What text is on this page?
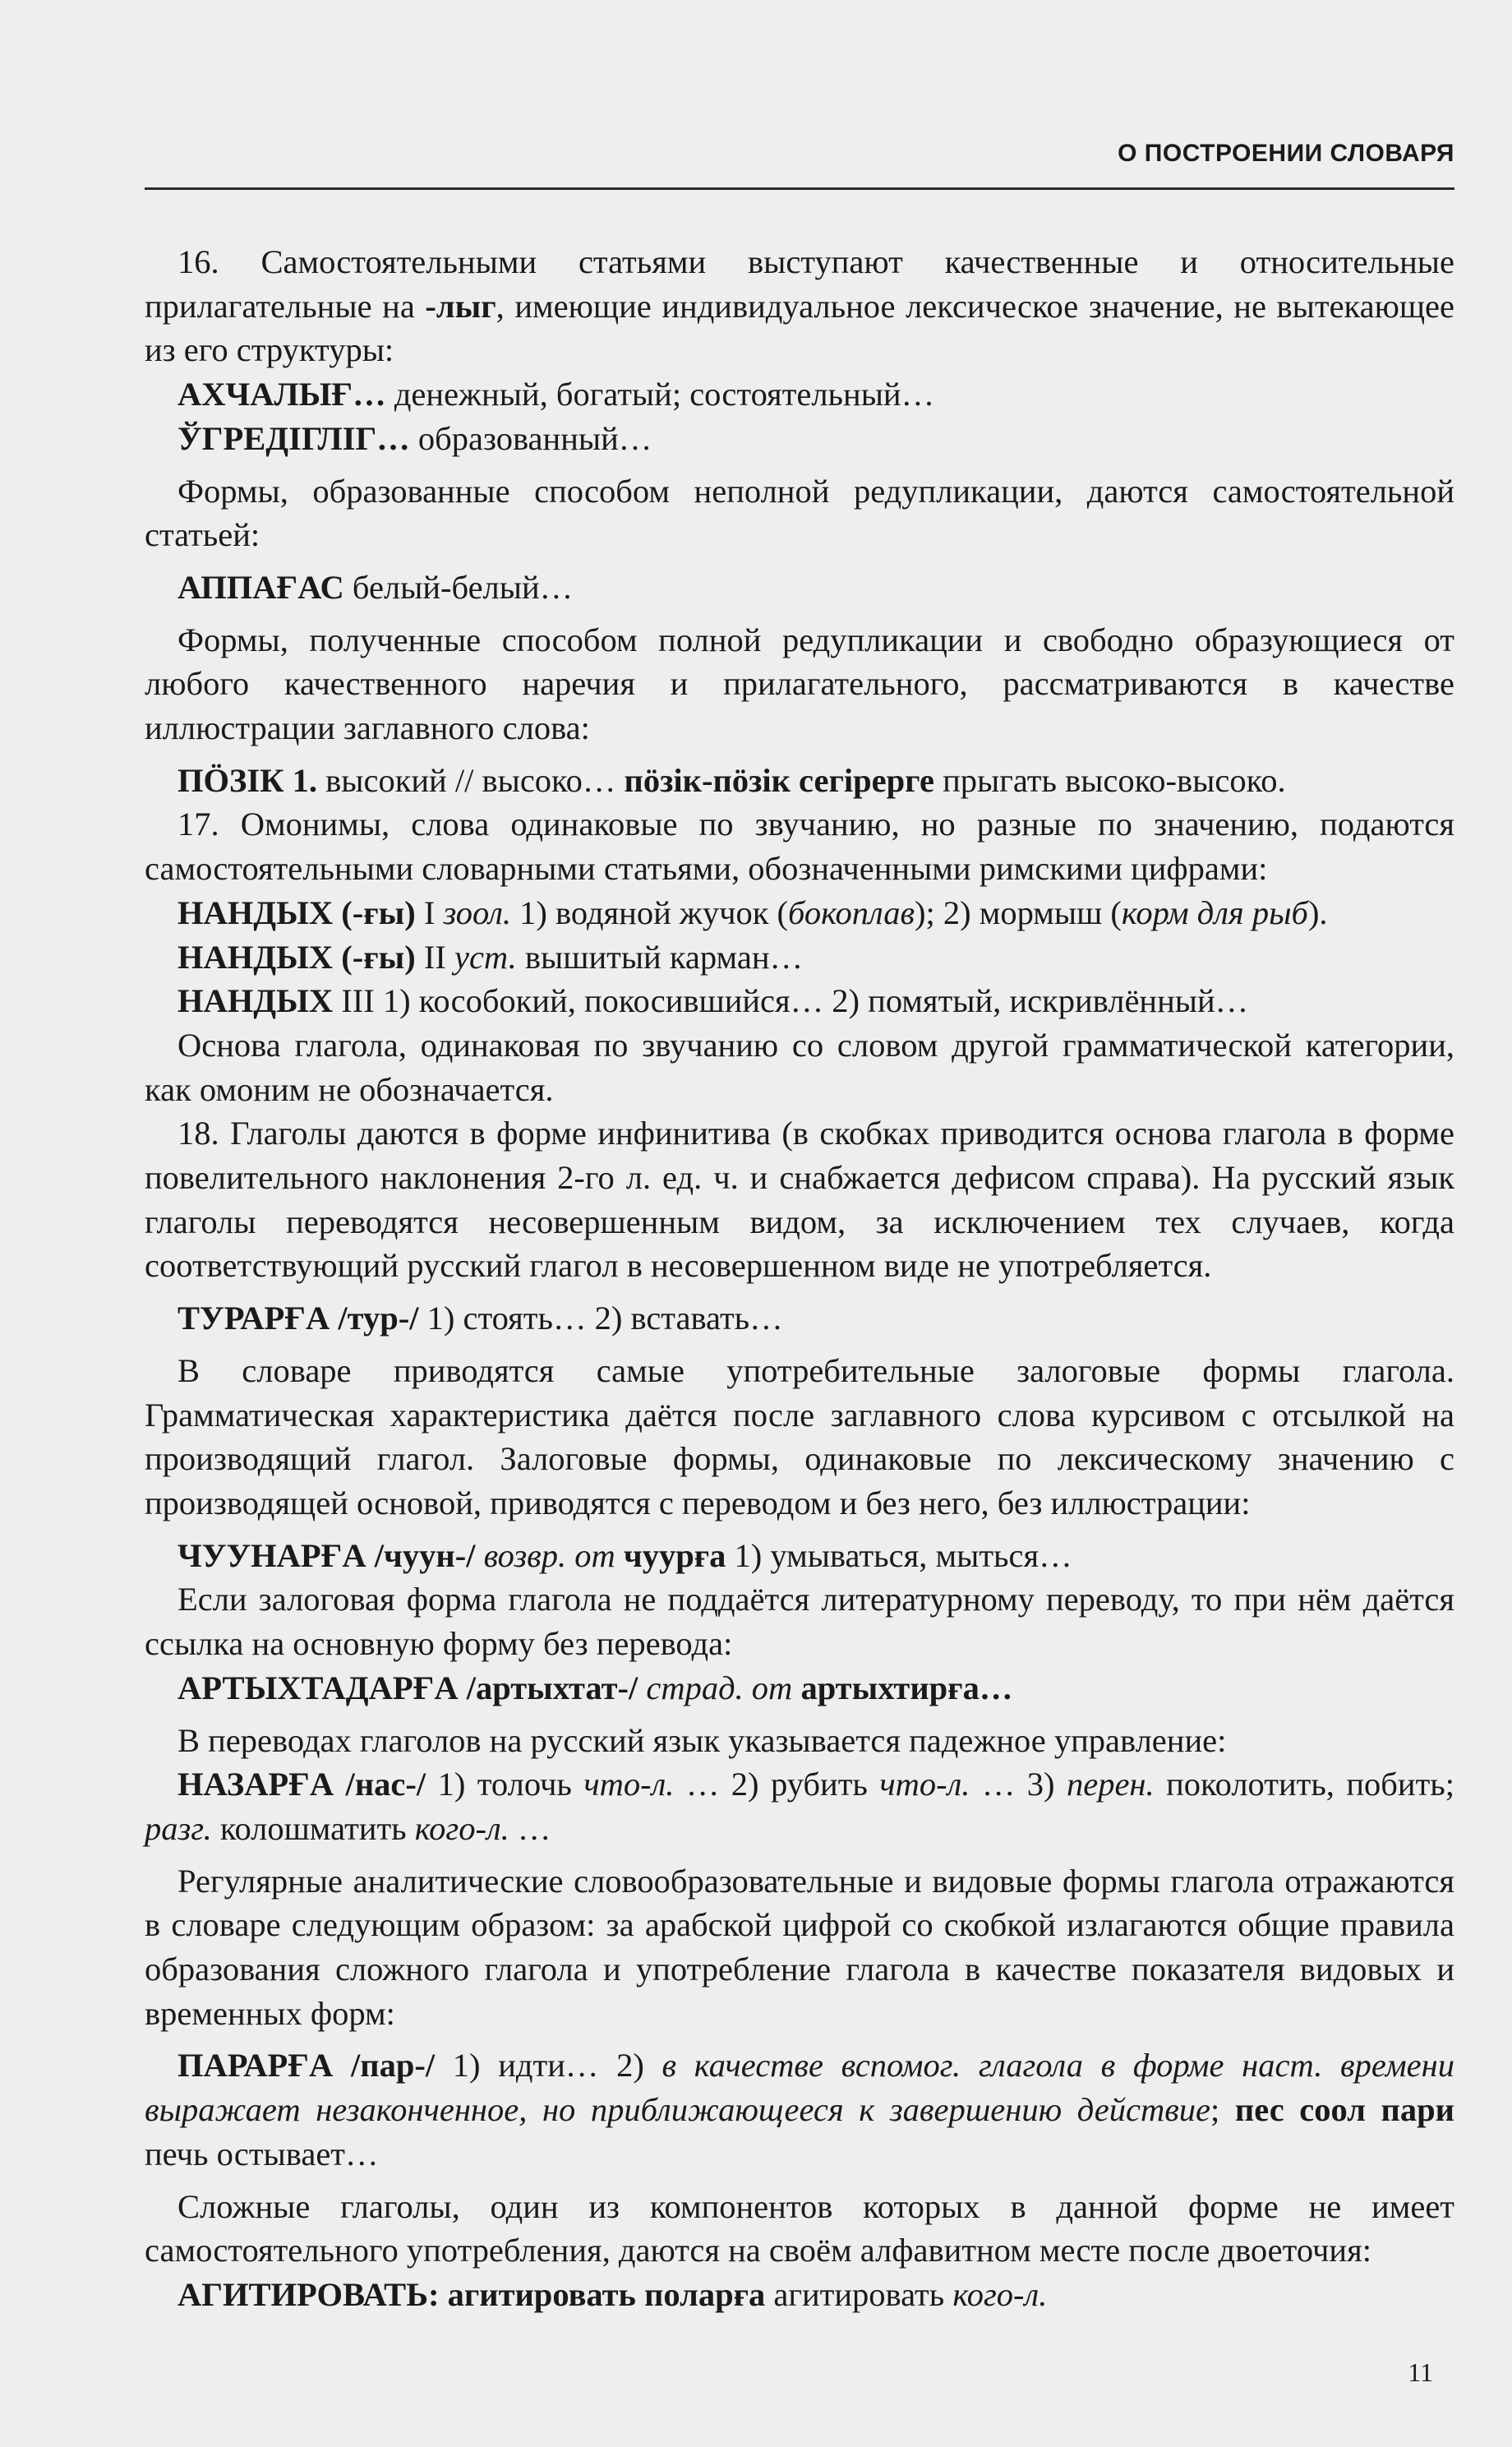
О ПОСТРОЕНИИ СЛОВАРЯ

16. Самостоятельными статьями выступают качественные и относительные прилагательные на -лыг, имеющие индивидуальное лексическое значение, не вытекающее из его структуры:

АХЧАЛЫҒ… денежный, богатый; состоятельный…

ЎГРЕДІГЛІГ… образованный…

Формы, образованные способом неполной редупликации, даются самостоятельной статьей:

АППАҒАС белый-белый…

Формы, полученные способом полной редупликации и свободно образующиеся от любого качественного наречия и прилагательного, рассматриваются в качестве иллюстрации заглавного слова:

ПӦЗІК 1. высокий // высоко… пӧзік-пӧзік сегірерге прыгать высоко-высоко.

17. Омонимы, слова одинаковые по звучанию, но разные по значению, подаются самостоятельными словарными статьями, обозначенными римскими цифрами:

НАНДЫХ (-ғы) I зоол. 1) водяной жучок (бокоплав); 2) мормыш (корм для рыб).

НАНДЫХ (-ғы) II уст. вышитый карман…

НАНДЫХ III 1) кособокий, покосившийся… 2) помятый, искривлённый…

Основа глагола, одинаковая по звучанию со словом другой грамматической категории, как омоним не обозначается.

18. Глаголы даются в форме инфинитива (в скобках приводится основа глагола в форме повелительного наклонения 2-го л. ед. ч. и снабжается дефисом справа). На русский язык глаголы переводятся несовершенным видом, за исключением тех случаев, когда соответствующий русский глагол в несовершенном виде не употребляется.

ТУРАРҒА /тур-/ 1) стоять… 2) вставать…

В словаре приводятся самые употребительные залоговые формы глагола. Грамматическая характеристика даётся после заглавного слова курсивом с отсылкой на производящий глагол. Залоговые формы, одинаковые по лексическому значению с производящей основой, приводятся с переводом и без него, без иллюстрации:

ЧУУНАРҒА /чуун-/ возвр. от чуурға 1) умываться, мыться…

Если залоговая форма глагола не поддаётся литературному переводу, то при нём даётся ссылка на основную форму без перевода:

АРТЫХТАДАРҒА /артыхтат-/ страд. от артыхтирға…

В переводах глаголов на русский язык указывается падежное управление:

НАЗАРҒА /нас-/ 1) толочь что-л. … 2) рубить что-л. … 3) перен. поколотить, побить; разг. колошматить кого-л. …

Регулярные аналитические словообразовательные и видовые формы глагола отражаются в словаре следующим образом: за арабской цифрой со скобкой излагаются общие правила образования сложного глагола и употребление глагола в качестве показателя видовых и временных форм:

ПАРАРҒА /пар-/ 1) идти… 2) в качестве вспомог. глагола в форме наст. времени выражает незаконченное, но приближающееся к завершению действие; пес соол пари печь остывает…

Сложные глаголы, один из компонентов которых в данной форме не имеет самостоятельного употребления, даются на своём алфавитном месте после двоеточия:

АГИТИРОВАТЬ: агитировать поларға агитировать кого-л.

11
